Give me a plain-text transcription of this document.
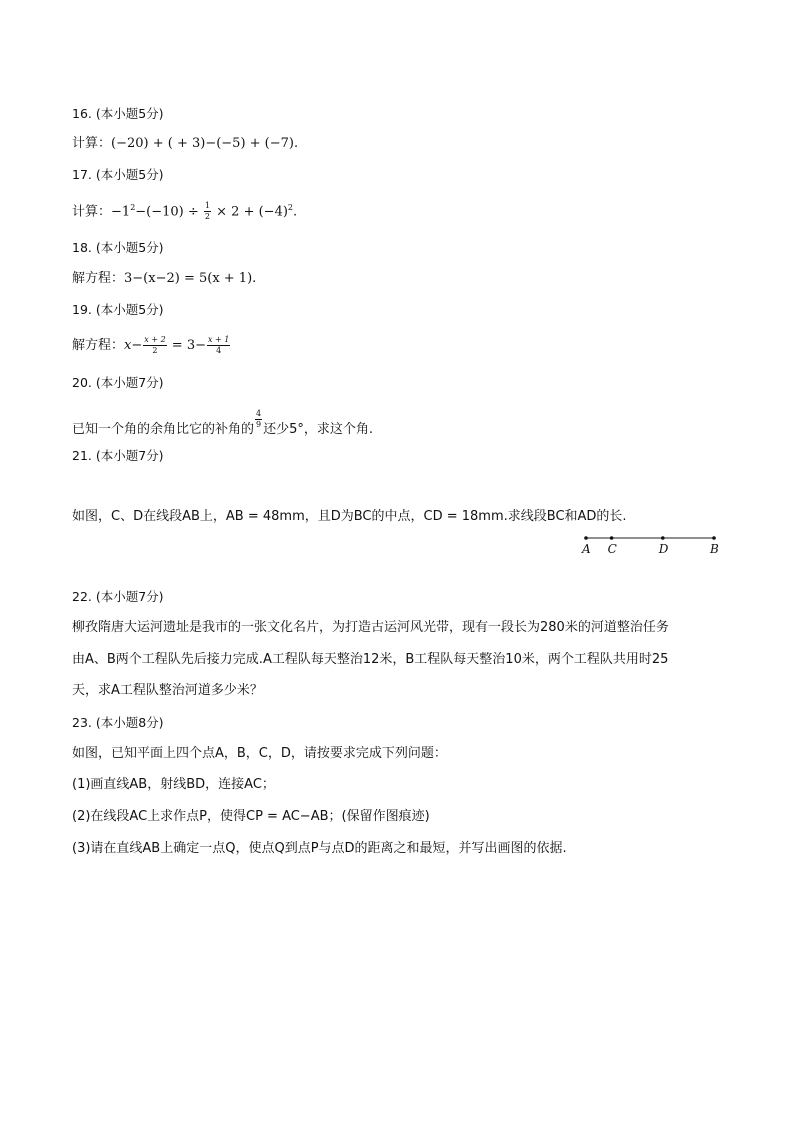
16. (本小题5分)
计算：(−20) + ( + 3)−(−5) + (−7).
17. (本小题5分)
计算：$-1^2-(-10) \div \frac{1}{2} \times 2 + (-4)^2$.
18. (本小题5分)
解方程：3−(x−2) = 5(x + 1).
19. (本小题5分)
解方程：$x- \frac{x + 2}{2} = 3- \frac{x + 1}{4}$
20. (本小题7分)
已知一个角的余角比它的补角的
$\frac{4}{9}$
还少5°，求这个角.
21. (本小题7分)
如图，C、D在线段AB上，AB = 48mm，且D为BC的中点，CD = 18mm.求线段BC和AD的长.
A C	D	B
22. (本小题7分)
柳孜隋唐大运河遗址是我市的一张文化名片，为打造古运河风光带，现有一段长为280米的河道整治任务
由A、B两个工程队先后接力完成.A工程队每天整治12米，B工程队每天整治10米，两个工程队共用时25
天，求A工程队整治河道多少米？
23. (本小题8分)
如图，已知平面上四个点A，B，C，D，请按要求完成下列问题：
(1)画直线AB，射线BD，连接AC；
(2)在线段AC上求作点P，使得CP = AC−AB；(保留作图痕迹)
(3)请在直线AB上确定一点Q，使点Q到点P与点D的距离之和最短，并写出画图的依据.
